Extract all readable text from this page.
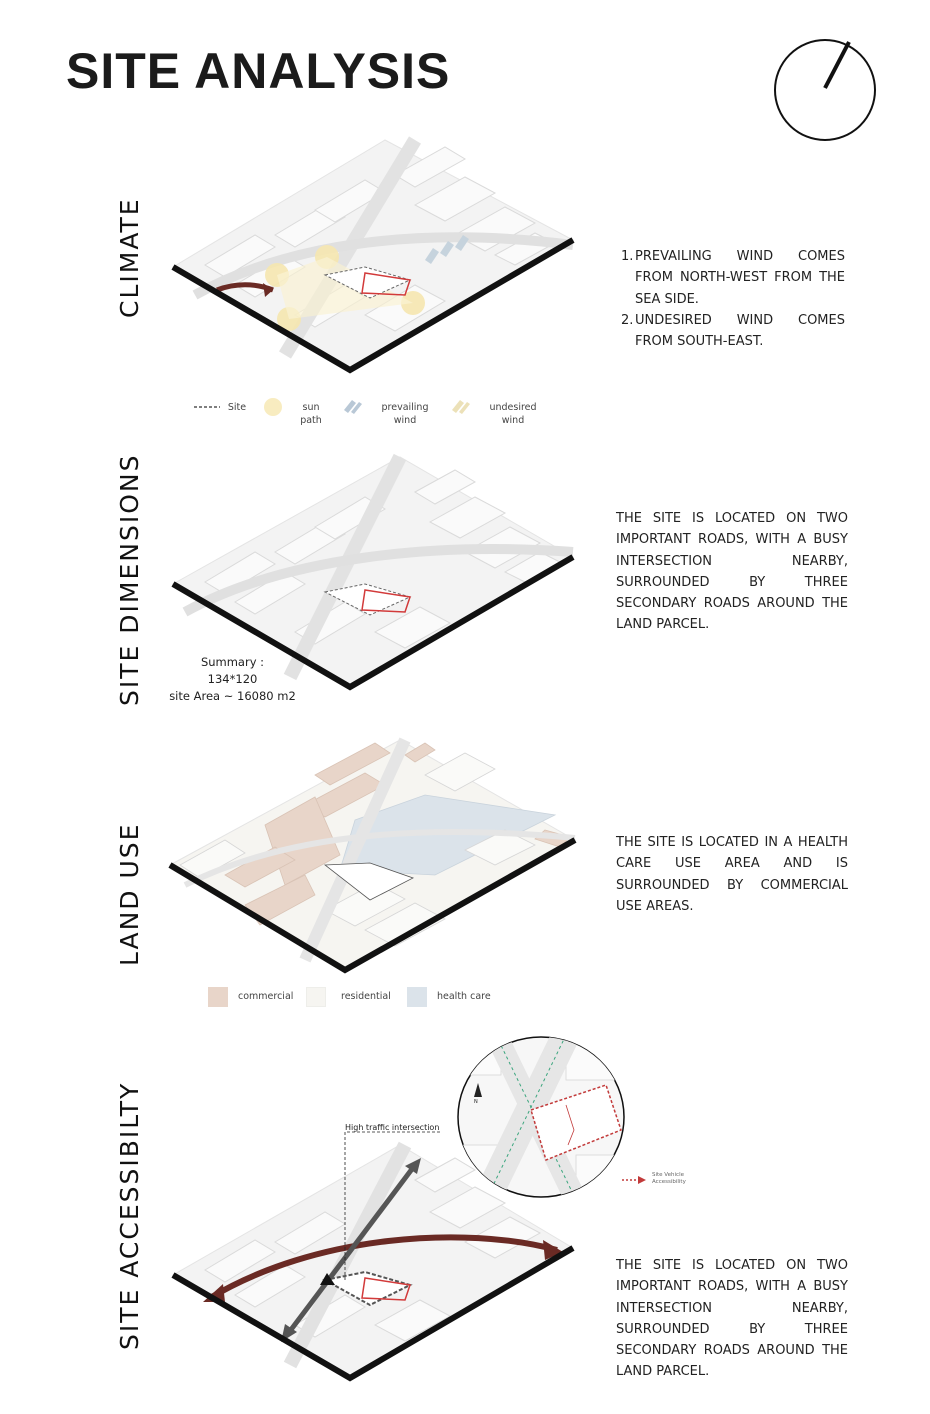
SITE ANALYSIS
CLIMATE	1. PREVAILING WIND COMES FROM NORTH-WEST FROM THE SEA SIDE.
2. UNDESIRED WIND COMES FROM SOUTH-EAST.
Site	sun path
prevailing wind
undesired wind
SITE DIMENSIONS	Summary :
134*120
site Area ~ 16080 m2

THE SITE IS LOCATED ON TWO IMPORTANT ROADS, WITH A BUSY INTERSECTION NEARBY, SURROUNDED BY THREE SECONDARY ROADS AROUND THE LAND PARCEL.

LAND USE	THE SITE IS LOCATED IN A HEALTH CARE USE AREA AND IS SURROUNDED BY COMMERCIAL USE AREAS.

commercial	residential	health care
SITE ACCESSIBILTY	High traffic intersection
N
Site Vehicle Accessibility

THE SITE IS LOCATED ON TWO IMPORTANT ROADS, WITH A BUSY INTERSECTION NEARBY, SURROUNDED BY THREE SECONDARY ROADS AROUND THE LAND PARCEL.
